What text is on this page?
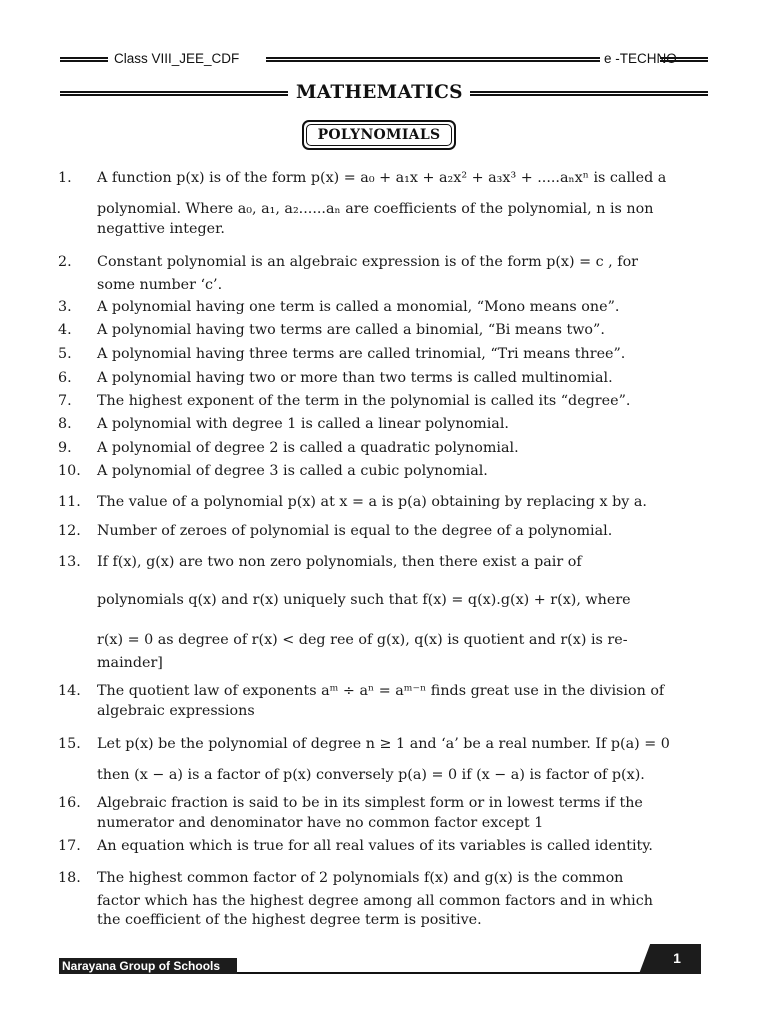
Class VIII_JEE_CDF	e -TECHNO
MATHEMATICS
POLYNOMIALS
1. A function p(x) is of the form p(x) = a₀ + a₁x + a₂x² + a₃x³ + .....aₙxⁿ is called a
polynomial. Where a₀, a₁, a₂......aₙ are coefficients of the polynomial, n is non
negattive integer.
2. Constant polynomial is an algebraic expression is of the form p(x) = c , for
some number ‘c’.
3. A polynomial having one term is called a monomial, “Mono means one”.
4. A polynomial having two terms are called a binomial, “Bi means two”.
5. A polynomial having three terms are called trinomial, “Tri means three”.
6. A polynomial having two or more than two terms is called multinomial.
7. The highest exponent of the term in the polynomial is called its “degree”.
8. A polynomial with degree 1 is called a linear polynomial.
9. A polynomial of degree 2 is called a quadratic polynomial.
10. A polynomial of degree 3 is called a cubic polynomial.
11. The value of a polynomial p(x) at x = a is p(a) obtaining by replacing x by a.
12. Number of zeroes of polynomial is equal to the degree of a polynomial.
13. If f(x), g(x) are two non zero polynomials, then there exist a pair of
polynomials q(x) and r(x) uniquely such that f(x) = q(x).g(x) + r(x), where
r(x) = 0 as degree of r(x) < deg ree of g(x), q(x) is quotient and r(x) is re-
mainder]
14. The quotient law of exponents aᵐ ÷ aⁿ = aᵐ⁻ⁿ finds great use in the division of
algebraic expressions
15. Let p(x) be the polynomial of degree n ≥ 1 and ‘a’ be a real number. If p(a) = 0
then (x − a) is a factor of p(x) conversely p(a) = 0 if (x − a) is factor of p(x).
16. Algebraic fraction is said to be in its simplest form or in lowest terms if the
numerator and denominator have no common factor except 1
17. An equation which is true for all real values of its variables is called identity.
18. The highest common factor of 2 polynomials f(x) and g(x) is the common
factor which has the highest degree among all common factors and in which
the coefficient of the highest degree term is positive.
Narayana Group of Schools	1
